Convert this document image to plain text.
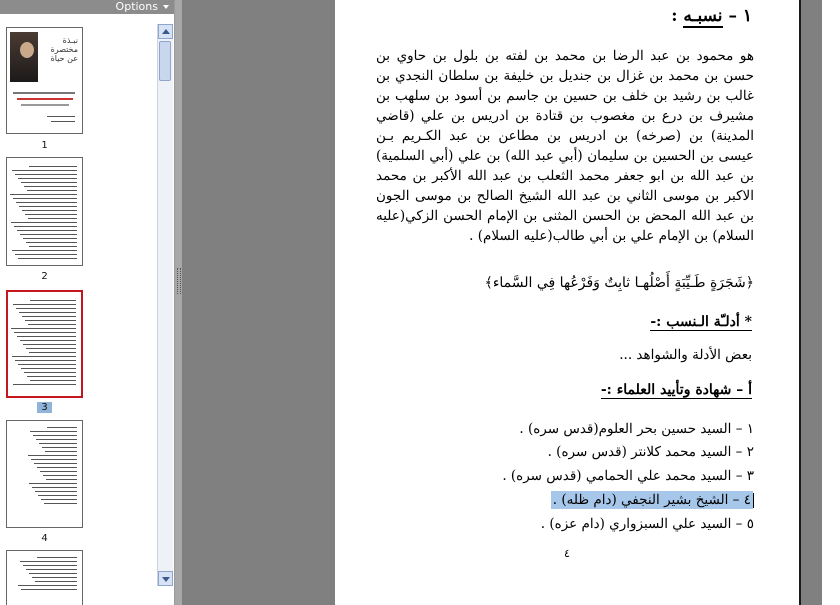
Options
نبـذة
مختصرة
عن حياة
1
2
3
4
١ – نسبـه :
هو محمود بن عبد الرضا بن محمد بن لفته بن بلول بن حاوي بن حسن بن محمد بن غزال بن جنديل بن خليفة بن سلطان النجدي بن غالب بن رشيد بن خلف بن حسين بن جاسم بن أسود بن سلهب بن مشيرف بن درع بن مغصوب بن قتادة بن ادريس بن علي (قاضي المدينة) بن (صرخه) بن ادريس بن مطاعن بن عبد الكـريم بـن عيسى بن الحسين بن سليمان (أبي عبد الله) بن علي (أبي السلمية) بن عبد الله بن ابو جعفر محمد الثعلب بن عبد الله الأكبر بن محمد الاكبر بن موسى الثاني بن عبد الله الشيخ الصالح بن موسى الجون بن عبد الله المحض بن الحسن المثنى بن الإمام الحسن الزكي(عليه السلام) بن الإمام علي بن أبي طالب(عليه السلام) .
﴿شَجَرَةٍ طَـيِّبَةٍ أَصْلُهـا ثابِتٌ وَفَرْعُها فِي السَّماء﴾
* أدلـّة الـنسب :-
بعض الأدلة والشواهد ...
أ – شهادة وتأييد العلماء :-
١ – السيد حسين بحر العلوم(قدس سره) .
٢ – السيد محمد كلانتر (قدس سره) .
٣ – السيد محمد علي الحمامي (قدس سره) .
٤ – الشيخ بشير النجفي (دام ظله) .
٥ – السيد علي السبزواري (دام عزه) .
٤
